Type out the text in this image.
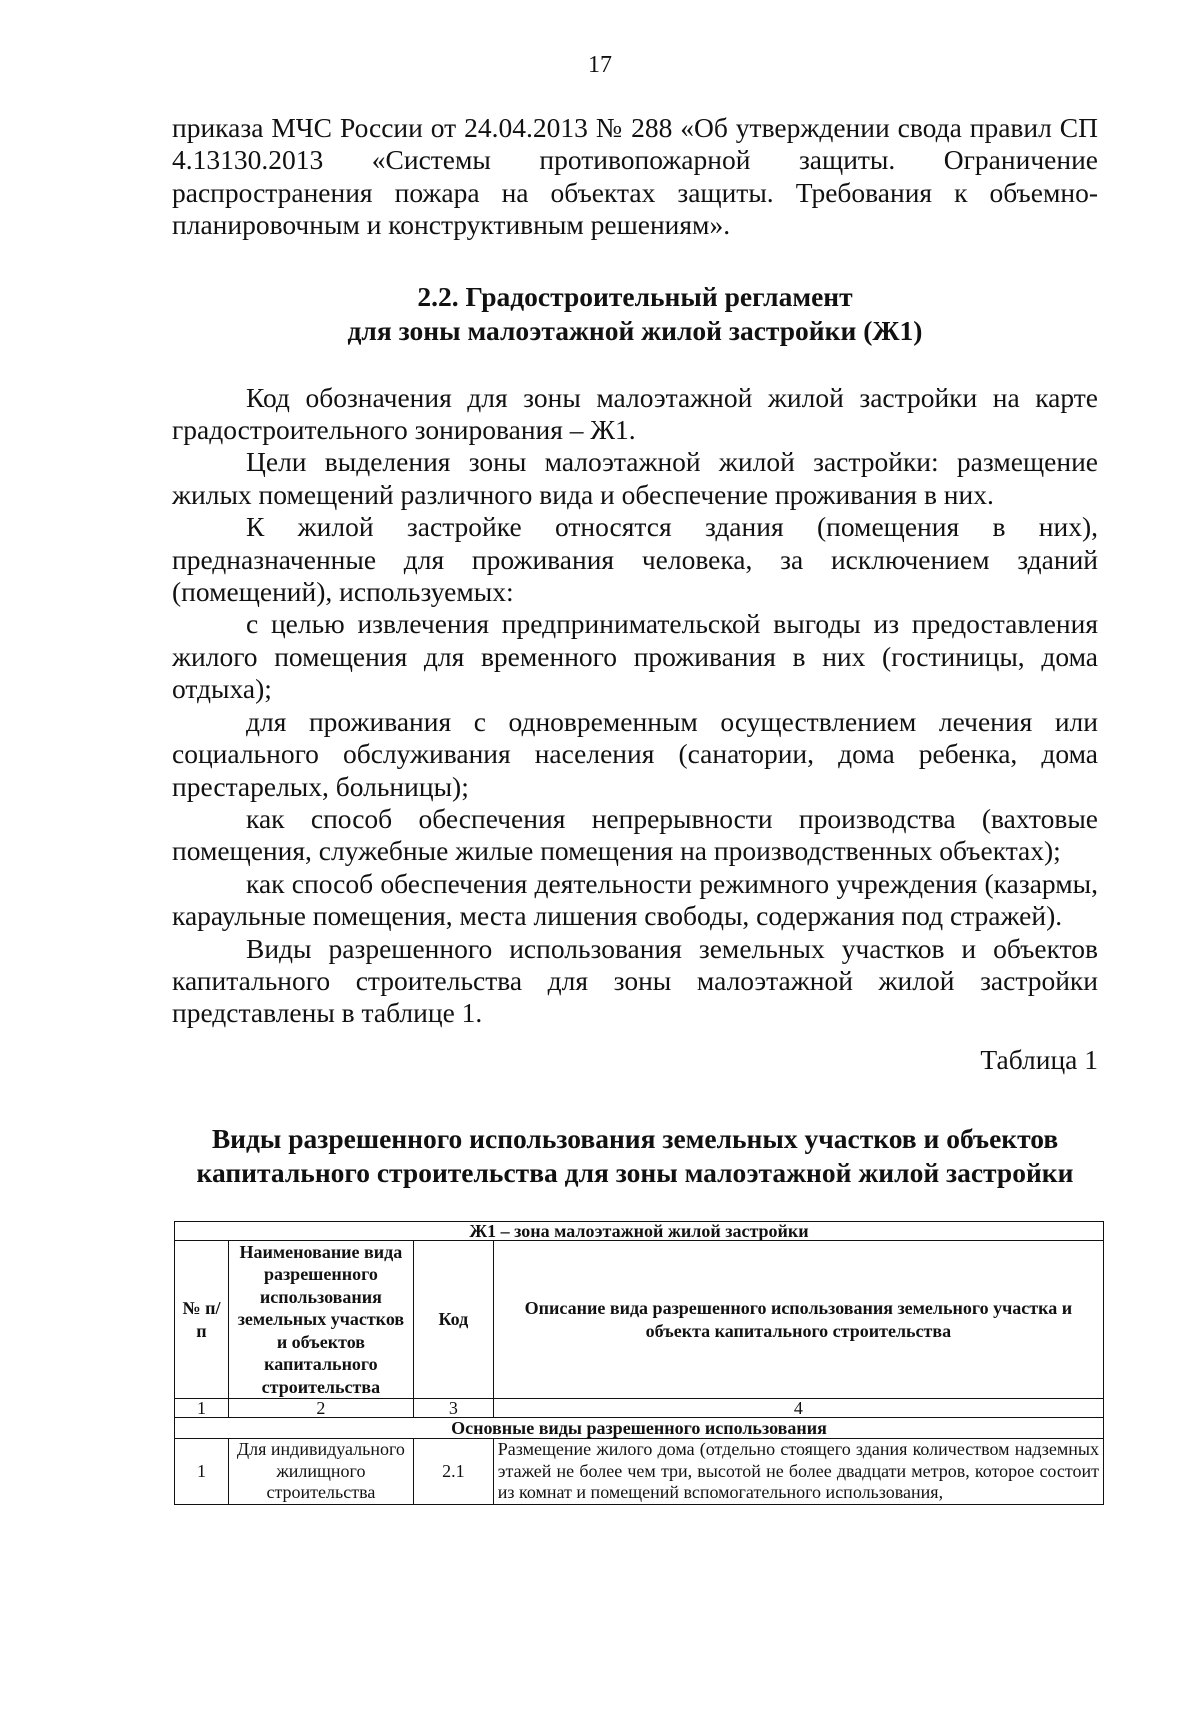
17

приказа МЧС России от 24.04.2013 № 288 «Об утверждении свода правил СП 4.13130.2013 «Системы противопожарной защиты. Ограничение распространения пожара на объектах защиты. Требования к объемно-планировочным и конструктивным решениям».

2.2. Градостроительный регламент
для зоны малоэтажной жилой застройки (Ж1)

Код обозначения для зоны малоэтажной жилой застройки на карте градостроительного зонирования – Ж1.

Цели выделения зоны малоэтажной жилой застройки: размещение жилых помещений различного вида и обеспечение проживания в них.

К жилой застройке относятся здания (помещения в них), предназначенные для проживания человека, за исключением зданий (помещений), используемых:

с целью извлечения предпринимательской выгоды из предоставления жилого помещения для временного проживания в них (гостиницы, дома отдыха);

для проживания с одновременным осуществлением лечения или социального обслуживания населения (санатории, дома ребенка, дома престарелых, больницы);

как способ обеспечения непрерывности производства (вахтовые помещения, служебные жилые помещения на производственных объектах);

как способ обеспечения деятельности режимного учреждения (казармы, караульные помещения, места лишения свободы, содержания под стражей).

Виды разрешенного использования земельных участков и объектов капитального строительства для зоны малоэтажной жилой застройки представлены в таблице 1.

Таблица 1
Виды разрешенного использования земельных участков и объектов
капитального строительства для зоны малоэтажной жилой застройки
Ж1 – зона малоэтажной жилой застройки			
№ п/п	Наименование вида разрешенного использования земельных участков и объектов капитального строительства	Код	Описание вида разрешенного использования земельного участка и объекта капитального строительства
1	2	3	4
Основные виды разрешенного использования			
1	Для индивидуального жилищного строительства	2.1	Размещение жилого дома (отдельно стоящего здания количеством надземных этажей не более чем три, высотой не более двадцати метров, которое состоит из комнат и помещений вспомогательного использования,
